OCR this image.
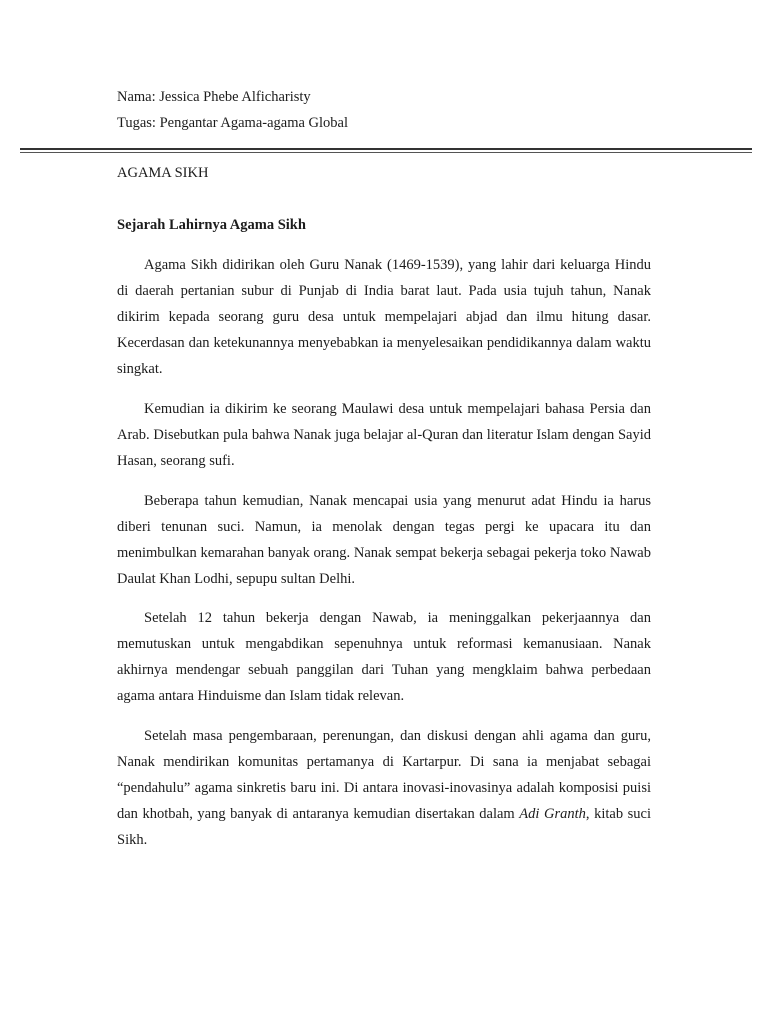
Nama: Jessica Phebe Alficharisty
Tugas: Pengantar Agama-agama Global
AGAMA SIKH
Sejarah Lahirnya Agama Sikh

Agama Sikh didirikan oleh Guru Nanak (1469-1539), yang lahir dari keluarga Hindu di daerah pertanian subur di Punjab di India barat laut. Pada usia tujuh tahun, Nanak dikirim kepada seorang guru desa untuk mempelajari abjad dan ilmu hitung dasar. Kecerdasan dan ketekunannya menyebabkan ia menyelesaikan pendidikannya dalam waktu singkat.

Kemudian ia dikirim ke seorang Maulawi desa untuk mempelajari bahasa Persia dan Arab. Disebutkan pula bahwa Nanak juga belajar al-Quran dan literatur Islam dengan Sayid Hasan, seorang sufi.

Beberapa tahun kemudian, Nanak mencapai usia yang menurut adat Hindu ia harus diberi tenunan suci. Namun, ia menolak dengan tegas pergi ke upacara itu dan menimbulkan kemarahan banyak orang. Nanak sempat bekerja sebagai pekerja toko Nawab Daulat Khan Lodhi, sepupu sultan Delhi.

Setelah 12 tahun bekerja dengan Nawab, ia meninggalkan pekerjaannya dan memutuskan untuk mengabdikan sepenuhnya untuk reformasi kemanusiaan. Nanak akhirnya mendengar sebuah panggilan dari Tuhan yang mengklaim bahwa perbedaan agama antara Hinduisme dan Islam tidak relevan.

Setelah masa pengembaraan, perenungan, dan diskusi dengan ahli agama dan guru, Nanak mendirikan komunitas pertamanya di Kartarpur. Di sana ia menjabat sebagai “pendahulu” agama sinkretis baru ini. Di antara inovasi-inovasinya adalah komposisi puisi dan khotbah, yang banyak di antaranya kemudian disertakan dalam Adi Granth, kitab suci Sikh.
